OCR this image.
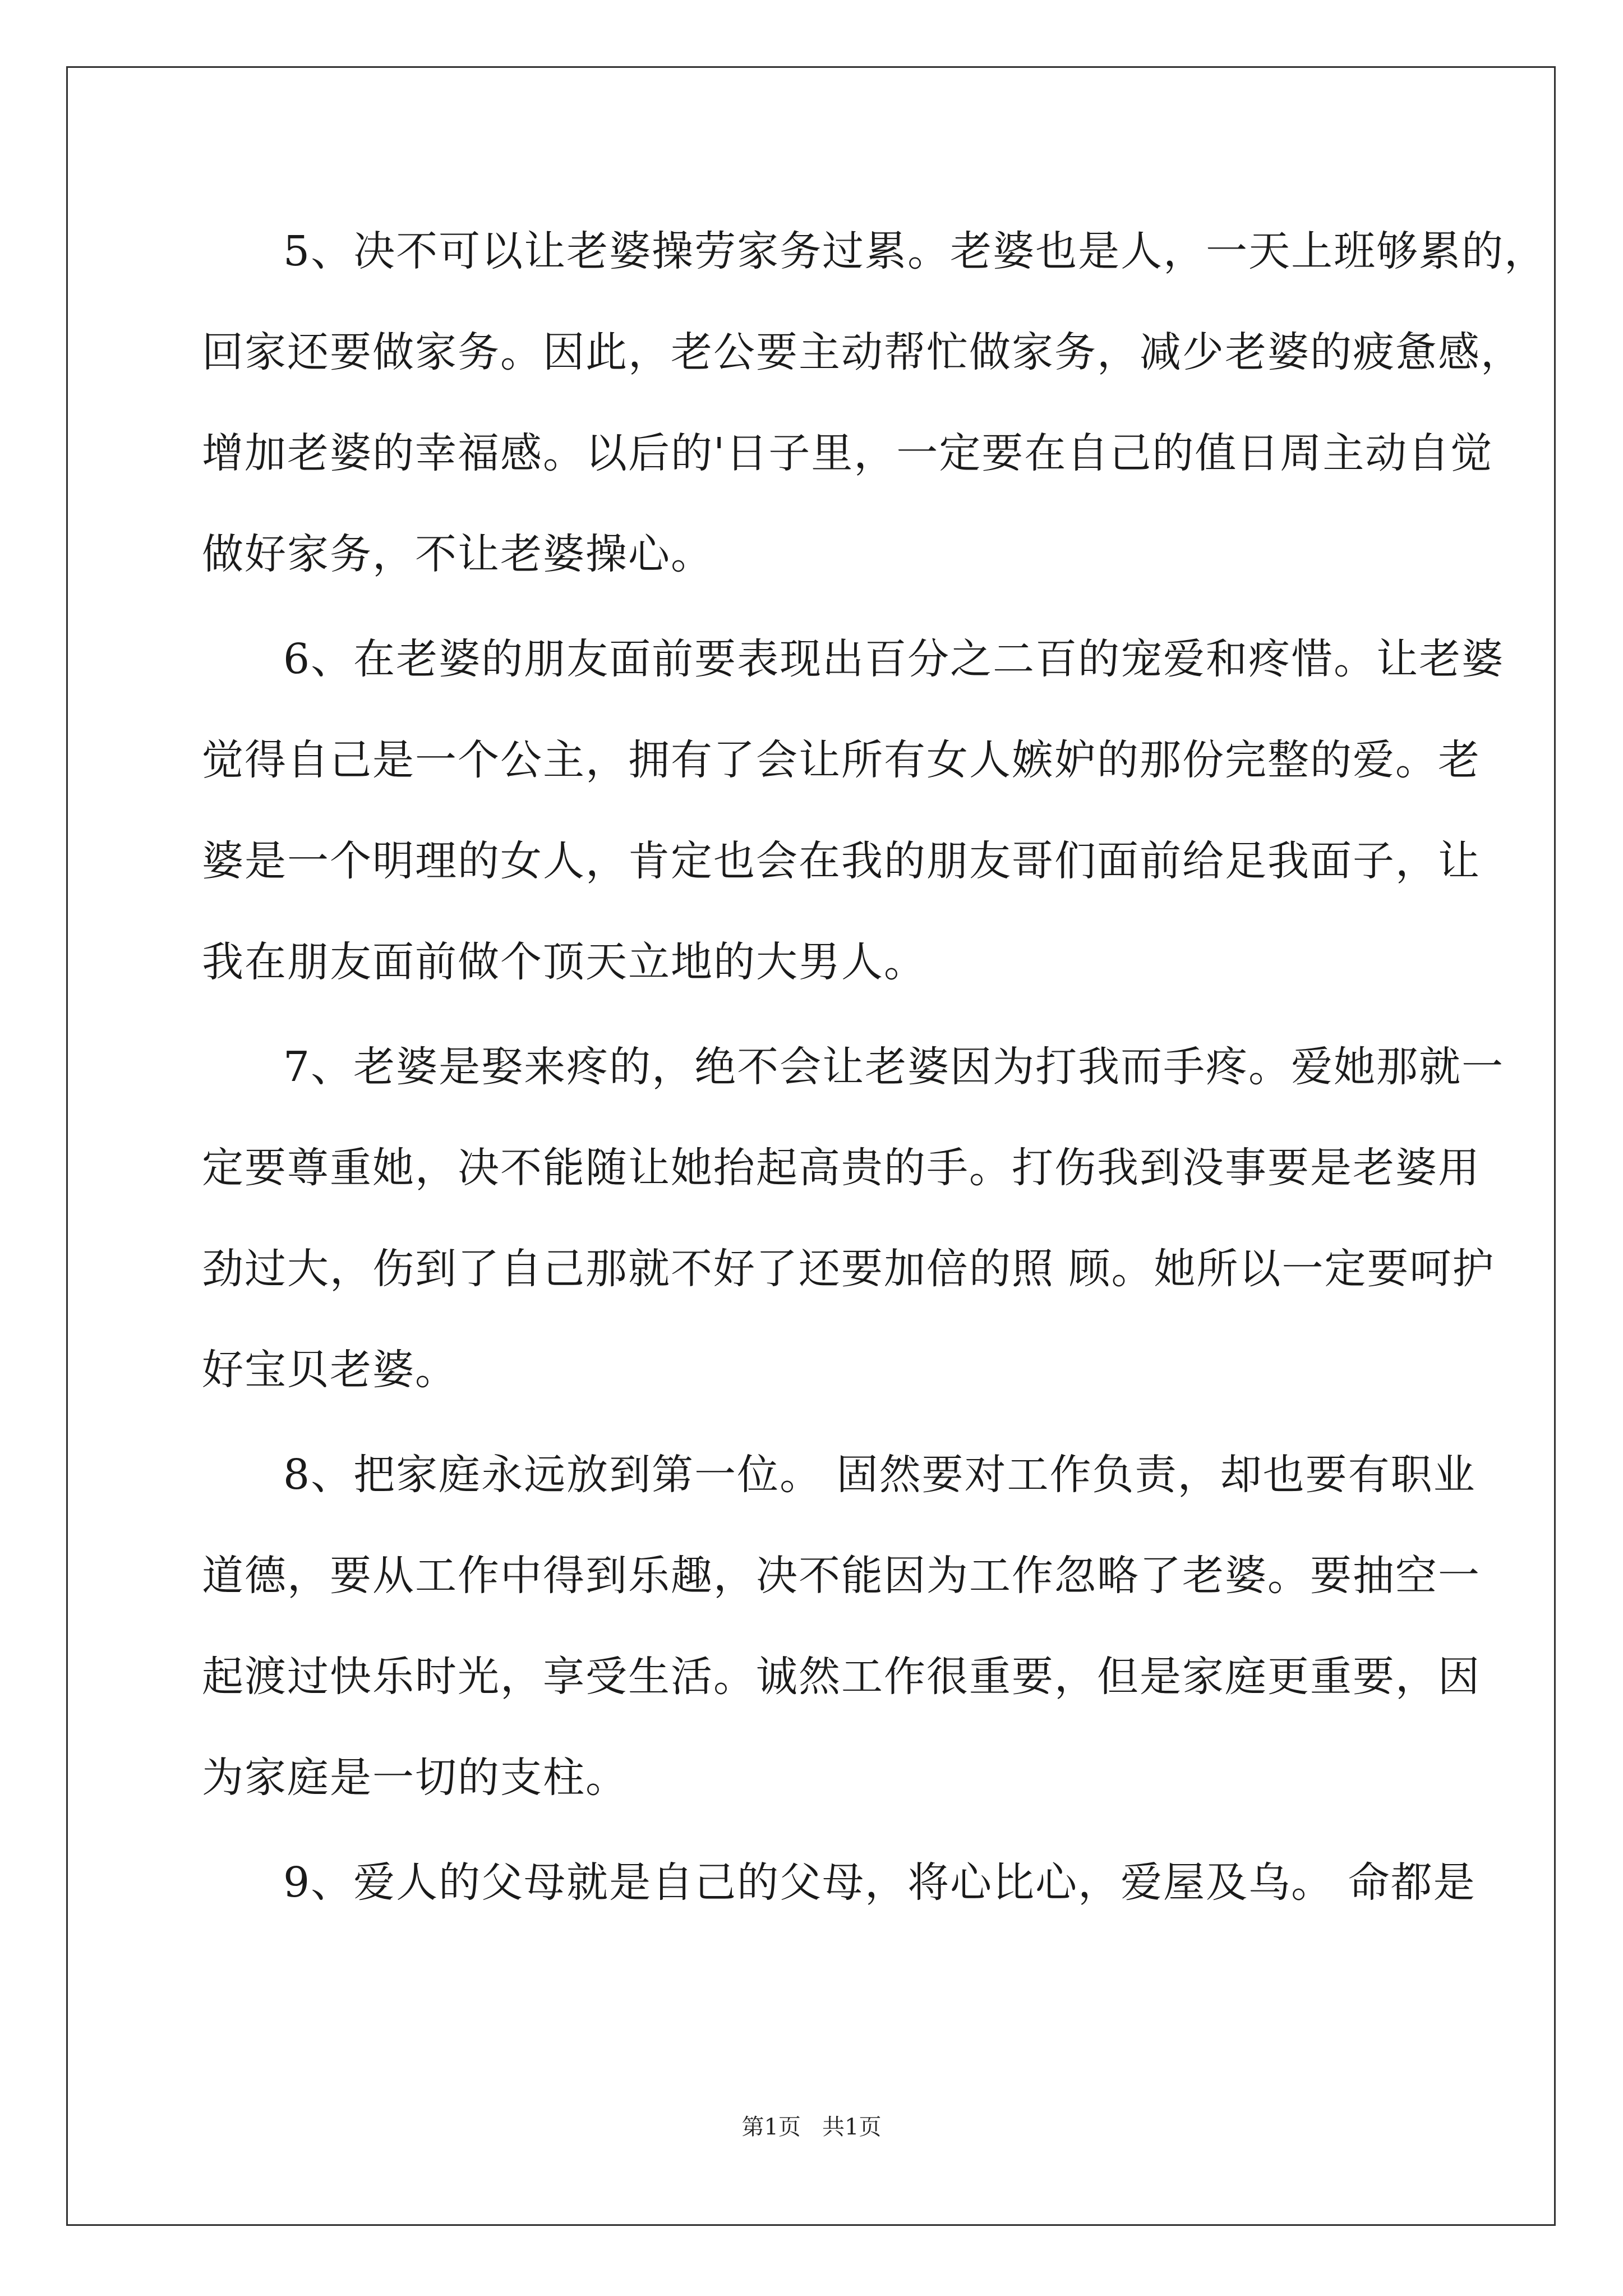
5、决不可以让老婆操劳家务过累。老婆也是人，一天上班够累的，
回家还要做家务。因此，老公要主动帮忙做家务，减少老婆的疲惫感，
增加老婆的幸福感。以后的'日子里，一定要在自己的值日周主动自觉
做好家务，不让老婆操心。
6、在老婆的朋友面前要表现出百分之二百的宠爱和疼惜。让老婆
觉得自己是一个公主，拥有了会让所有女人嫉妒的那份完整的爱。老
婆是一个明理的女人，肯定也会在我的朋友哥们面前给足我面子，让
我在朋友面前做个顶天立地的大男人。
7、老婆是娶来疼的，绝不会让老婆因为打我而手疼。爱她那就一
定要尊重她，决不能随让她抬起高贵的手。打伤我到没事要是老婆用
劲过大，伤到了自己那就不好了还要加倍的照 顾。她所以一定要呵护
好宝贝老婆。
8、把家庭永远放到第一位。 固然要对工作负责，却也要有职业
道德，要从工作中得到乐趣，决不能因为工作忽略了老婆。要抽空一
起渡过快乐时光，享受生活。诚然工作很重要，但是家庭更重要，因
为家庭是一切的支柱。
9、爱人的父母就是自己的父母，将心比心，爱屋及乌。 命都是
第1页   共1页
